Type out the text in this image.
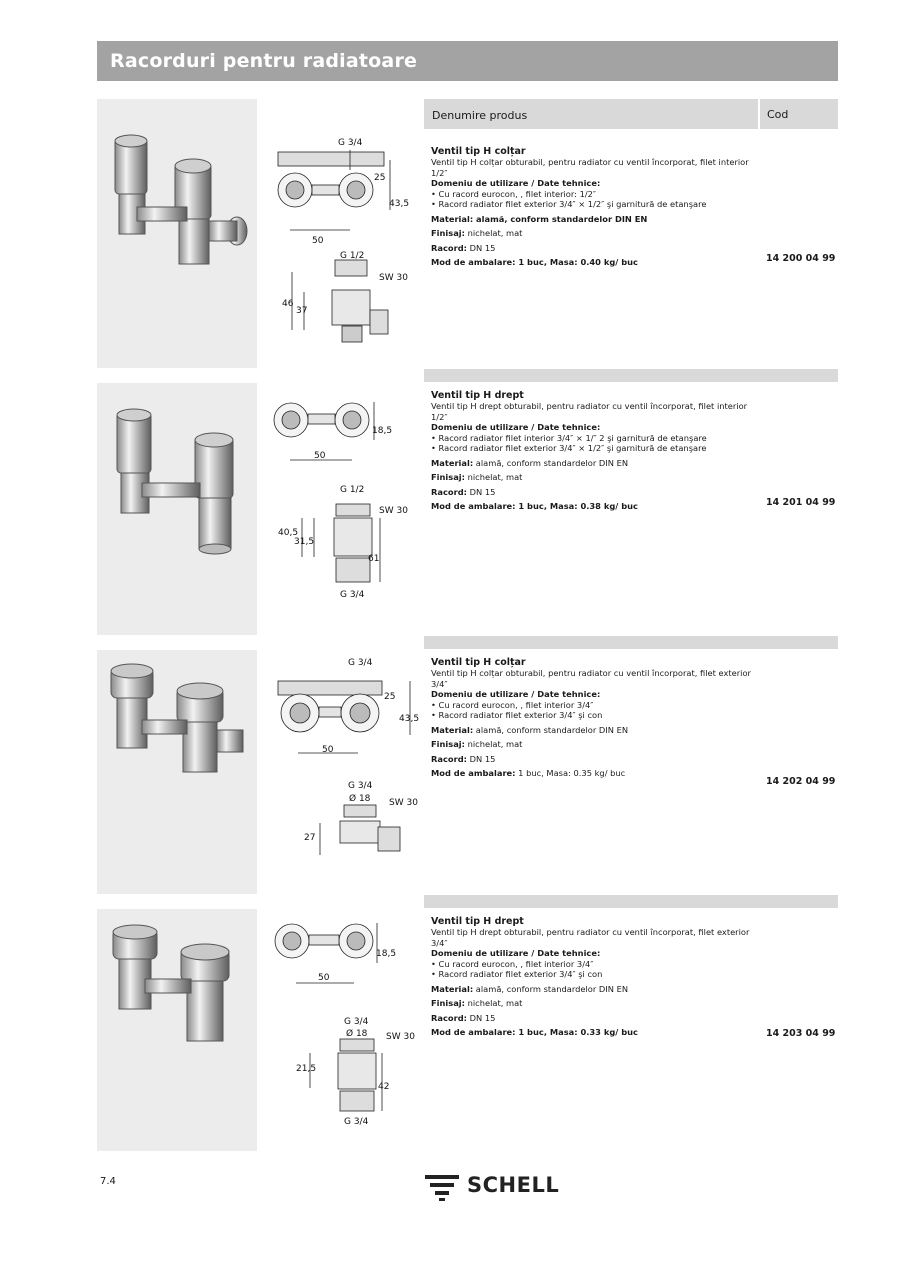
Racorduri pentru radiatoare
Denumire produs	Cod
G 3/4
25
43,5
50
G 1/2
SW 30
46
37
Ventil tip H colțar
Ventil tip H colțar obturabil, pentru radiator cu ventil încorporat, filet interior 1/2″
Domeniu de utilizare / Date tehnice:
• Cu racord eurocon, , filet interior: 1/2″
• Racord radiator filet exterior 3/4″ × 1/2″ şi garnitură de etanşare
Material: alamă, conform standardelor DIN EN
Finisaj: nichelat, mat
Racord: DN 15
Mod de ambalare: 1 buc, Masa: 0.40 kg/ buc	14 200 04 99
18,5
50
G 1/2
SW 30
40,5
31,5
61
G 3/4
Ventil tip H drept
Ventil tip H drept obturabil, pentru radiator cu ventil încorporat, filet interior 1/2″
Domeniu de utilizare / Date tehnice:
• Racord radiator filet interior 3/4″ × 1/″ 2 şi garnitură de etanşare
• Racord radiator filet exterior 3/4″ × 1/2″ şi garnitură de etanşare
Material: alamă, conform standardelor DIN EN
Finisaj: nichelat, mat
Racord: DN 15
Mod de ambalare: 1 buc, Masa: 0.38 kg/ buc	14 201 04 99
G 3/4
25
43,5
50
G 3/4
Ø 18 SW 30
27
Ventil tip H colțar
Ventil tip H colțar obturabil, pentru radiator cu ventil încorporat, filet exterior 3/4″
Domeniu de utilizare / Date tehnice:
• Cu racord eurocon, , filet interior 3/4″
• Racord radiator filet exterior 3/4″ şi con
Material: alamă, conform standardelor DIN EN
Finisaj: nichelat, mat
Racord: DN 15
Mod de ambalare: 1 buc, Masa: 0.35 kg/ buc
14 202 04 99
18,5
50
G 3/4
Ø 18 SW 30
21,5
42
G 3/4
Ventil tip H drept
Ventil tip H drept obturabil, pentru radiator cu ventil încorporat, filet exterior 3/4″
Domeniu de utilizare / Date tehnice:
• Cu racord eurocon, , filet interior 3/4″
• Racord radiator filet exterior 3/4″ şi con
Material: alamă, conform standardelor DIN EN
Finisaj: nichelat, mat
Racord: DN 15
Mod de ambalare: 1 buc, Masa: 0.33 kg/ buc	14 203 04 99
7.4	SCHELL
